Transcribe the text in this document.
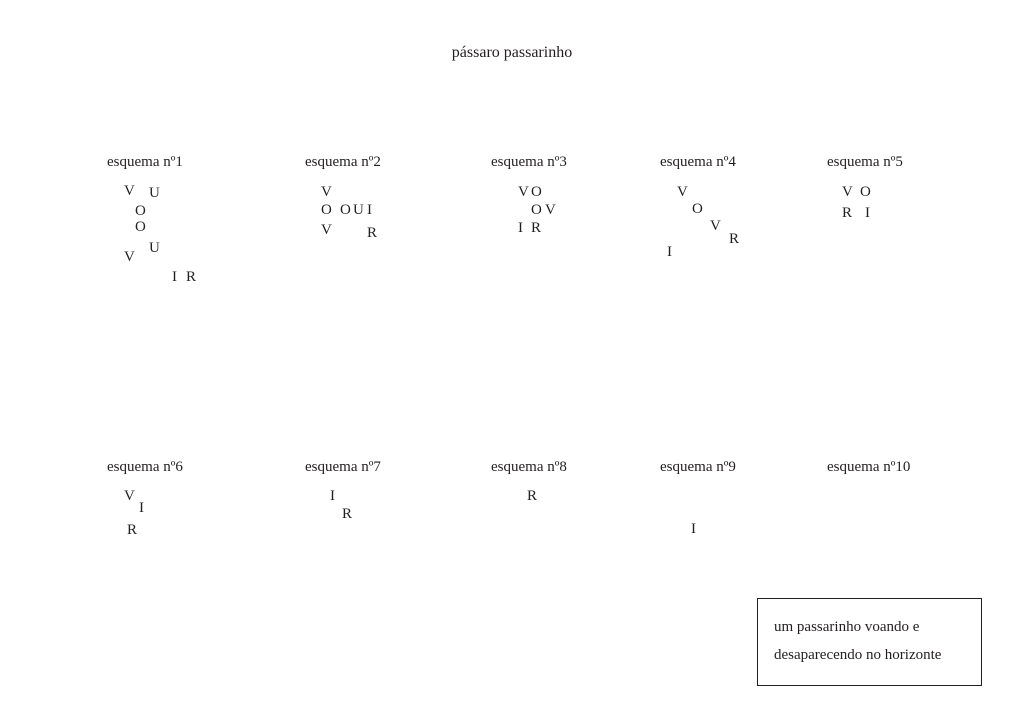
pássaro passarinho
esquema nº1
V U
O
O
U
V
I R
esquema nº2
V
O O U I
V R
esquema nº3
V O
O V
I R
esquema nº4
V
O
V
R
I
esquema nº5
V O
R I
esquema nº6
V
I
R
esquema nº7
I
R
esquema nº8
R
esquema nº9
I
esquema nº10
um passarinho voando e
desaparecendo no horizonte
